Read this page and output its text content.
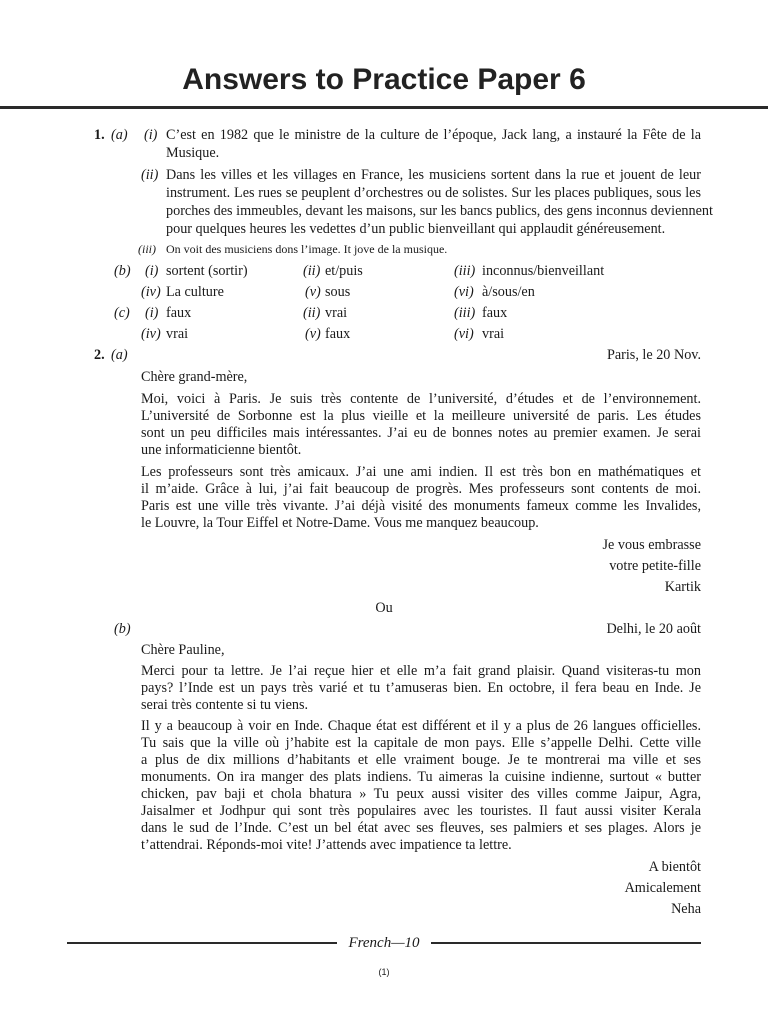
Answers to Practice Paper 6
1. (a) (i) C’est en 1982 que le ministre de la culture de l’époque, Jack lang, a instauré la Fête de la
Musique.
(ii) Dans les villes et les villages en France, les musiciens sortent dans la rue et jouent de leur
instrument. Les rues se peuplent d’orchestres ou de solistes. Sur les places publiques, sous les
porches des immeubles, devant les maisons, sur les bancs publics, des gens inconnus deviennent
pour quelques heures les vedettes d’un public bienveillant qui applaudit généreusement.
(iii) On voit des musiciens dons l’image. It jove de la musique.
(b) (i) sortent (sortir)	(ii) et/puis	(iii) inconnus/bienveillant
(iv) La culture	(v) sous	(vi) à/sous/en
(c) (i) faux	(ii) vrai	(iii) faux
(iv) vrai	(v) faux	(vi) vrai
2. (a)	Paris, le 20 Nov.
Chère grand-mère,
Moi, voici à Paris. Je suis très contente de l’université, d’études et de l’environnement.
L’université de Sorbonne est la plus vieille et la meilleure université de paris. Les études
sont un peu difficiles mais intéressantes. J’ai eu de bonnes notes au premier examen. Je serai
une informaticienne bientôt.
Les professeurs sont très amicaux. J’ai une ami indien. Il est très bon en mathématiques et
il m’aide. Grâce à lui, j’ai fait beaucoup de progrès. Mes professeurs sont contents de moi.
Paris est une ville très vivante. J’ai déjà visité des monuments fameux comme les Invalides,
le Louvre, la Tour Eiffel et Notre-Dame. Vous me manquez beaucoup.
Je vous embrasse
votre petite-fille
Kartik
Ou
(b)	Delhi, le 20 août
Chère Pauline,
Merci pour ta lettre. Je l’ai reçue hier et elle m’a fait grand plaisir. Quand visiteras-tu mon
pays? l’Inde est un pays très varié et tu t’amuseras bien. En octobre, il fera beau en Inde. Je
serai très contente si tu viens.
Il y a beaucoup à voir en Inde. Chaque état est différent et il y a plus de 26 langues officielles.
Tu sais que la ville où j’habite est la capitale de mon pays. Elle s’appelle Delhi. Cette ville
a plus de dix millions d’habitants et elle vraiment bouge. Je te montrerai ma ville et ses
monuments. On ira manger des plats indiens. Tu aimeras la cuisine indienne, surtout « butter
chicken, pav baji et chola bhatura » Tu peux aussi visiter des villes comme Jaipur, Agra,
Jaisalmer et Jodhpur qui sont très populaires avec les touristes. Il faut aussi visiter Kerala
dans le sud de l’Inde. C’est un bel état avec ses fleuves, ses palmiers et ses plages. Alors je
t’attendrai. Réponds-moi vite! J’attends avec impatience ta lettre.
A bientôt
Amicalement
Neha
French—10
(1)
